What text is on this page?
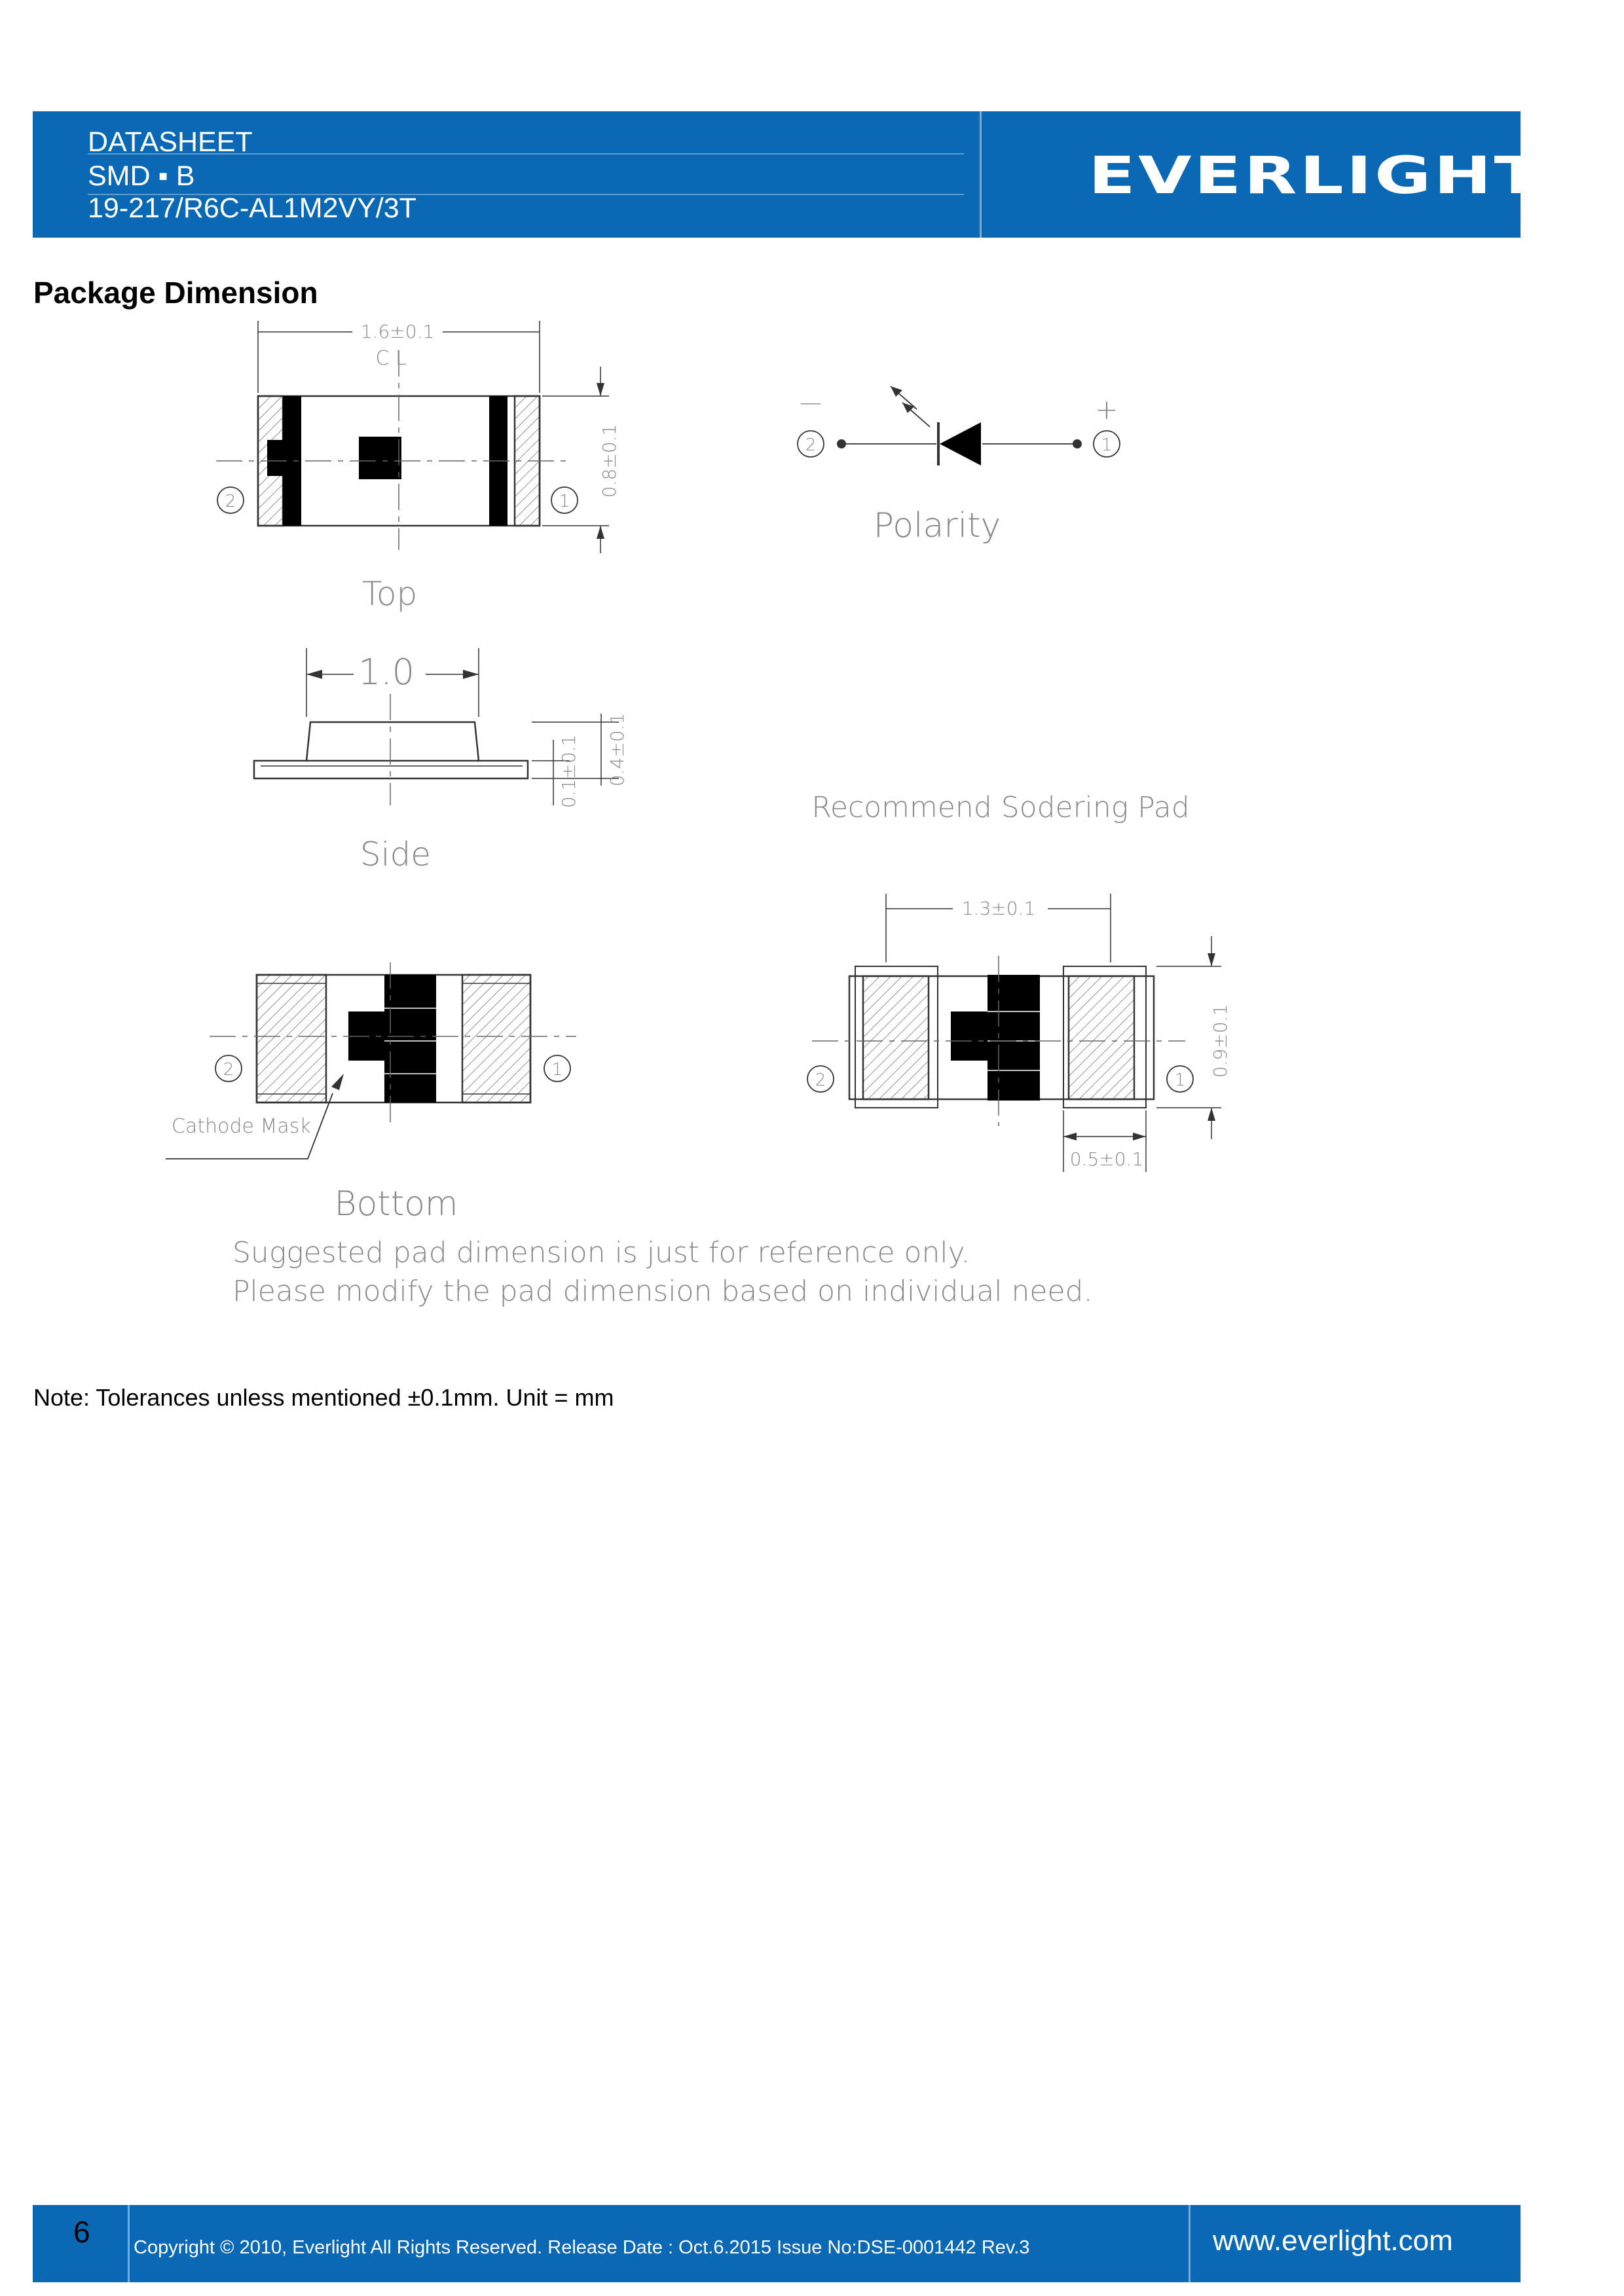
DATASHEET
SMD ▪ B
19-217/R6C-AL1M2VY/3T
EVERLIGHT
Package Dimension
1.6±0.1
C L
0.8±0.1
2	1
Top
1.0
0.1±0.1 0.4±0.1
Side
2	1
Cathode Mask
Bottom
—	+
2	1
Polarity
Recommend Sodering Pad
1.3±0.1
0.9±0.1
0.5±0.1
2	1
Suggested pad dimension is just for reference only.
Please modify the pad dimension based on individual need.
Note: Tolerances unless mentioned ±0.1mm. Unit = mm
6 Copyright © 2010, Everlight All Rights Reserved. Release Date : Oct.6.2015 Issue No:DSE-0001442 Rev.3	www.everlight.com
